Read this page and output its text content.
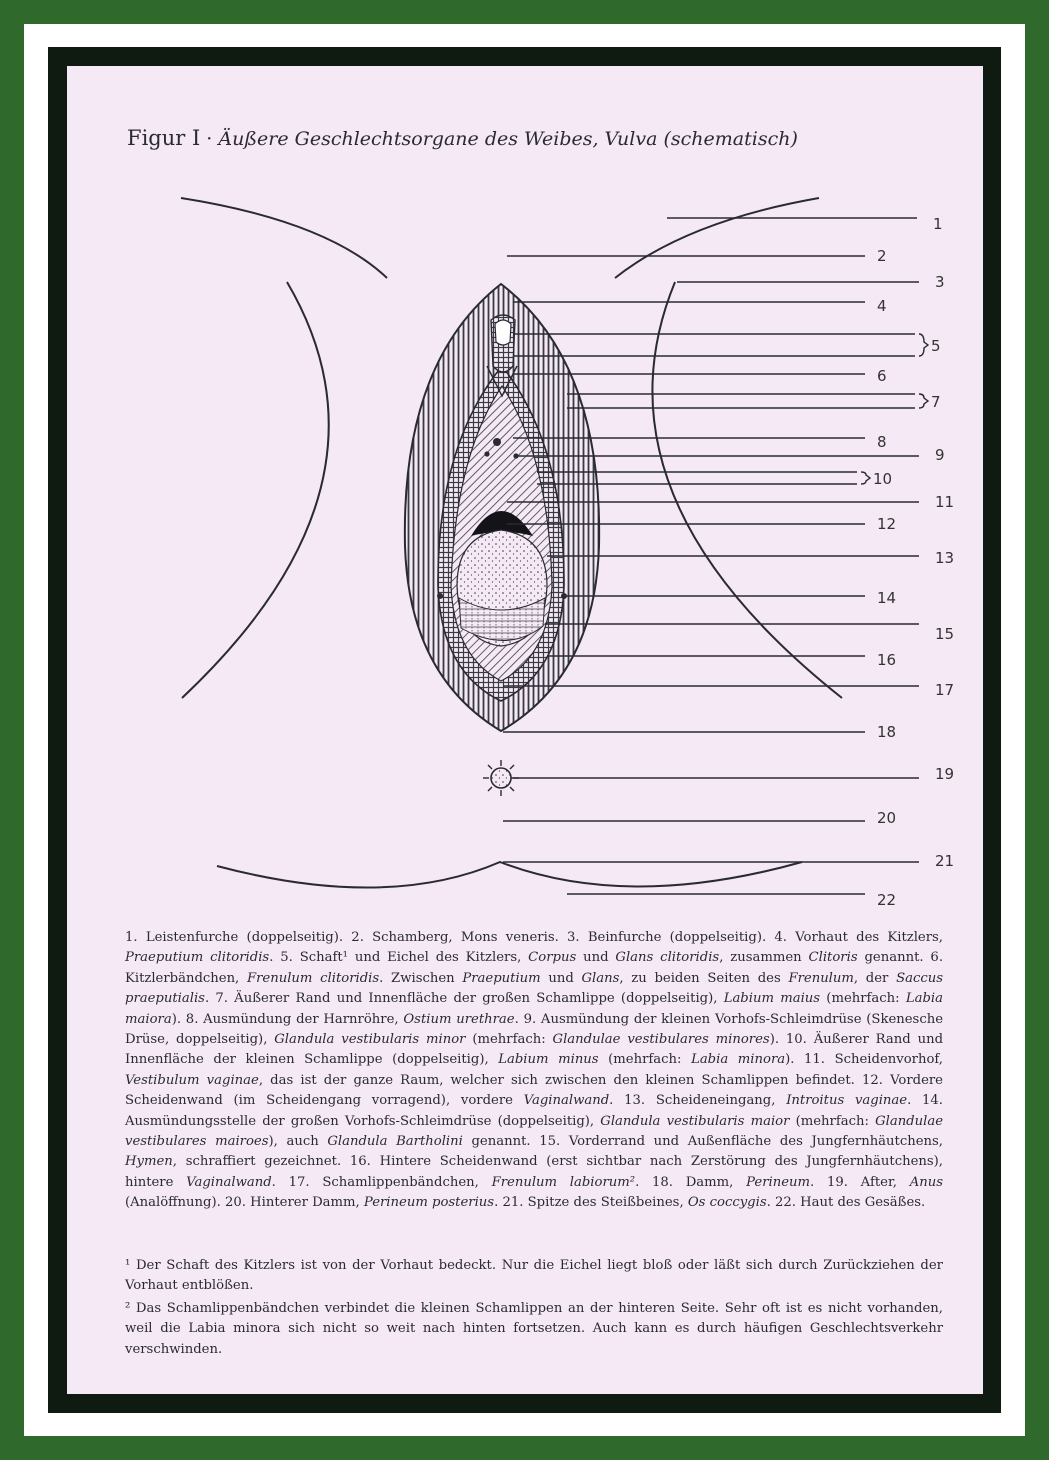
Figur I · Äußere Geschlechtsorgane des Weibes, Vulva (schematisch)
1
2
3
4
6
8
9
11
12
13
14
15
16
17
18
19
20
21
22
5
7
10
1. Leistenfurche (doppelseitig). 2. Schamberg, Mons veneris. 3. Beinfurche (doppelseitig). 4. Vorhaut des Kitzlers, Praeputium clitoridis. 5. Schaft¹ und Eichel des Kitzlers, Corpus und Glans clitoridis, zusammen Clitoris genannt. 6. Kitzlerbändchen, Frenulum clitoridis. Zwischen Praeputium und Glans, zu beiden Seiten des Frenulum, der Saccus praeputialis. 7. Äußerer Rand und Innenfläche der großen Schamlippe (doppelseitig), Labium maius (mehrfach: Labia maiora). 8. Ausmündung der Harnröhre, Ostium urethrae. 9. Ausmündung der kleinen Vorhofs-Schleimdrüse (Skenesche Drüse, doppelseitig), Glandula vestibularis minor (mehrfach: Glandulae vestibulares minores). 10. Äußerer Rand und Innenfläche der kleinen Schamlippe (doppelseitig), Labium minus (mehrfach: Labia minora). 11. Scheidenvorhof, Vestibulum vaginae, das ist der ganze Raum, welcher sich zwischen den kleinen Schamlippen befindet. 12. Vordere Scheidenwand (im Scheidengang vorragend), vordere Vaginalwand. 13. Scheideneingang, Introitus vaginae. 14. Ausmündungsstelle der großen Vorhofs-Schleimdrüse (doppelseitig), Glandula vestibularis maior (mehrfach: Glandulae vestibulares mairoes), auch Glandula Bartholini genannt. 15. Vorderrand und Außenfläche des Jungfernhäutchens, Hymen, schraffiert gezeichnet. 16. Hintere Scheidenwand (erst sichtbar nach Zerstörung des Jungfernhäutchens), hintere Vaginalwand. 17. Schamlippenbändchen, Frenulum labiorum². 18. Damm, Perineum. 19. After, Anus (Analöffnung). 20. Hinterer Damm, Perineum posterius. 21. Spitze des Steißbeines, Os coccygis. 22. Haut des Gesäßes.

¹ Der Schaft des Kitzlers ist von der Vorhaut bedeckt. Nur die Eichel liegt bloß oder läßt sich durch Zurückziehen der Vorhaut entblößen.

² Das Schamlippenbändchen verbindet die kleinen Schamlippen an der hinteren Seite. Sehr oft ist es nicht vorhanden, weil die Labia minora sich nicht so weit nach hinten fortsetzen. Auch kann es durch häufigen Geschlechtsverkehr verschwinden.
